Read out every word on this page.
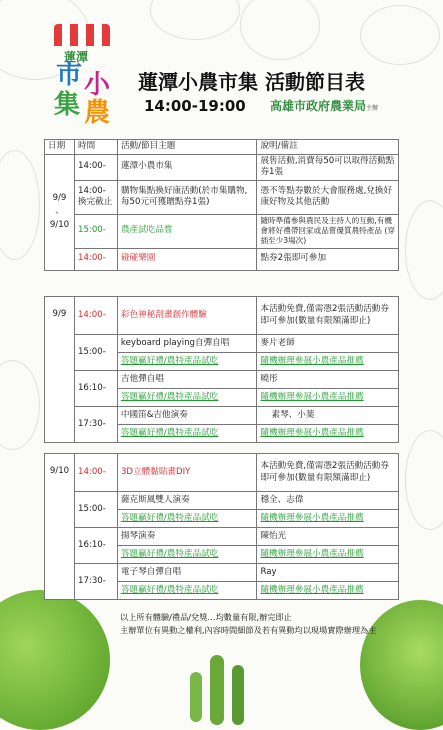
蓮潭
市 小
集 農
蓮潭小農市集 活動節目表
14:00-19:00 高雄市政府農業局主辦
日期	時間	活動/節目主題	說明/備註
9/9
、
9/10	14:00-	蓮潭小農市集	展售活動,消費每50可以取得活動點券1張
	14:00-換完截止	購物集點換好康活動(於市集購物,每50元可獲贈點券1張)	憑不等點券數於大會服務處,兌換好康好物及其他活動
	15:00-	農產試吃品嘗	隨時準備參與農民及主持人的互動,有機會將好禮帶回家或品嘗優質農特產品 (穿插至少3場次)
	14:00-	碰碰樂園	點券2張即可參加
9/9	14:00-	彩色神秘刮畫創作體驗	本活動免費,僅需憑2張活動活動券即可參加(數量有限額滿即止)
	15:00-	keyboard playing自彈自唱	麥片老師
		答題贏好禮/農特產品試吃	隨機辦理參展小農產品推薦
	16:10-	吉他彈自唱	曉彤
		答題贏好禮/農特產品試吃	隨機辦理參展小農產品推薦
	17:30-	中國笛&吉他演奏	素琴、小葉
		答題贏好禮/農特產品試吃	隨機辦理參展小農產品推薦
9/10	14:00-	3D立體黏貼畫DIY	本活動免費,僅需憑2張活動活動券即可參加(數量有限額滿即止)
	15:00-	薩克斯風雙人演奏	穩全、志偉
		答題贏好禮/農特產品試吃	隨機辦理參展小農產品推薦
	16:10-	揚琴演奏	陳怡光
		答題贏好禮/農特產品試吃	隨機辦理參展小農產品推薦
	17:30-	電子琴自彈自唱	Ray
		答題贏好禮/農特產品試吃	隨機辦理參展小農產品推薦
以上所有體驗/禮品/兌獎…均數量有限,辦完即止
主辦單位有異動之權利,內容時間細節及若有異動均以現場實際辦理為主
